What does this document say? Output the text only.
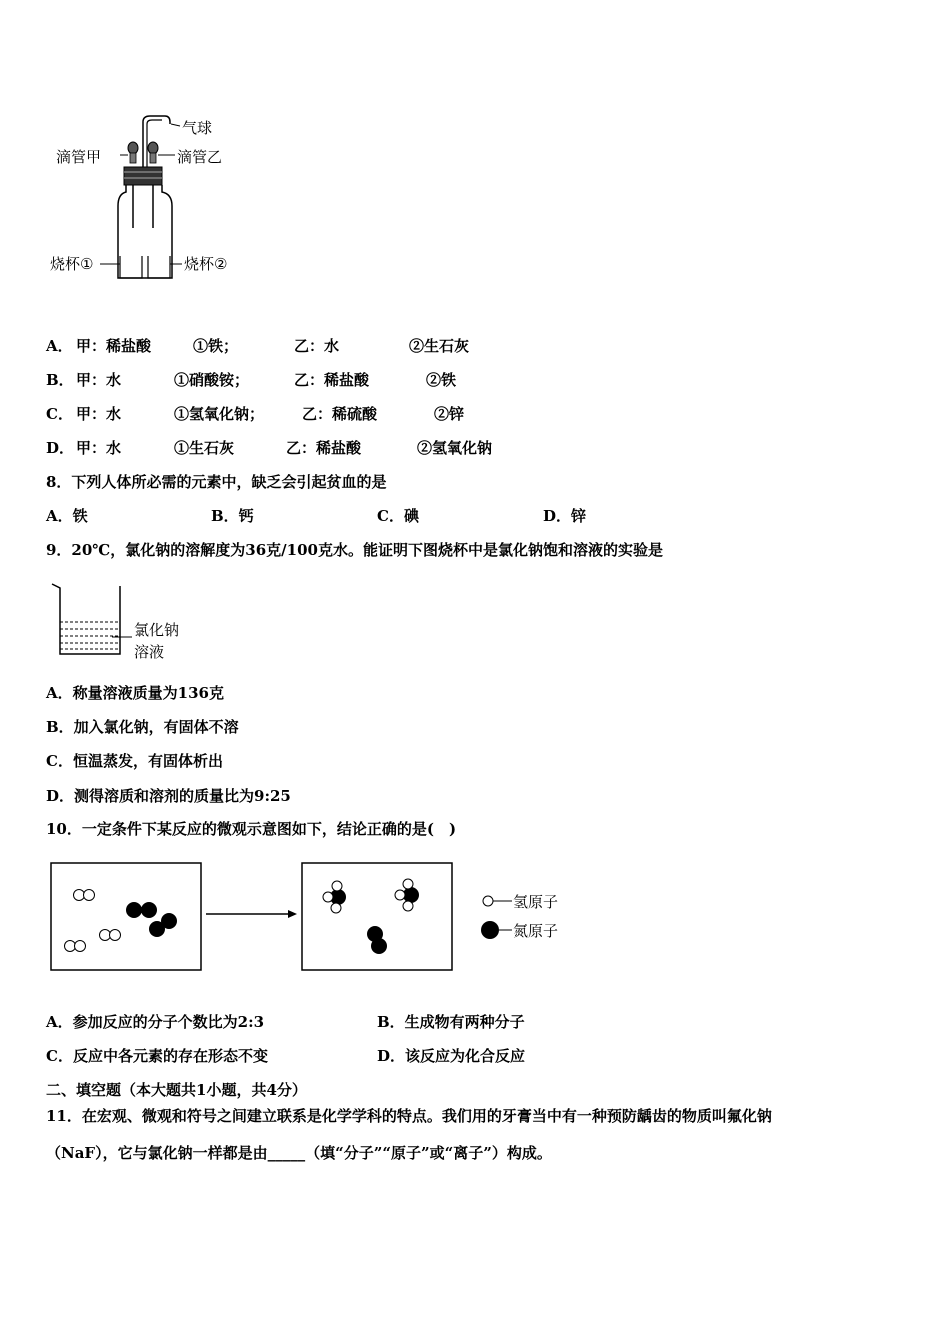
气球
滴管甲	滴管乙
烧杯①	烧杯②
A． 甲：稀盐酸	①铁；	乙：水	②生石灰
B． 甲：水	①硝酸铵；	乙：稀盐酸	②铁
C． 甲：水	①氢氧化钠；	乙：稀硫酸	②锌
D． 甲：水	①生石灰	乙：稀盐酸	②氢氧化钠
8．下列人体所必需的元素中，缺乏会引起贫血的是
A．铁	B．钙	C．碘	D．锌
9．20℃，氯化钠的溶解度为36克/100克水。能证明下图烧杯中是氯化钠饱和溶液的实验是
氯化钠
溶液
A．称量溶液质量为136克
B．加入氯化钠，有固体不溶
C．恒温蒸发，有固体析出
D．测得溶质和溶剂的质量比为9:25
10．一定条件下某反应的微观示意图如下，结论正确的是(　)
氢原子
氮原子
A．参加反应的分子个数比为2:3	B．生成物有两种分子
C．反应中各元素的存在形态不变	D．该反应为化合反应
二、填空题（本大题共1小题，共4分）
11．在宏观、微观和符号之间建立联系是化学学科的特点。我们用的牙膏当中有一种预防龋齿的物质叫氟化钠
（NaF），它与氯化钠一样都是由_____（填“分子”“原子”或“离子”）构成。
